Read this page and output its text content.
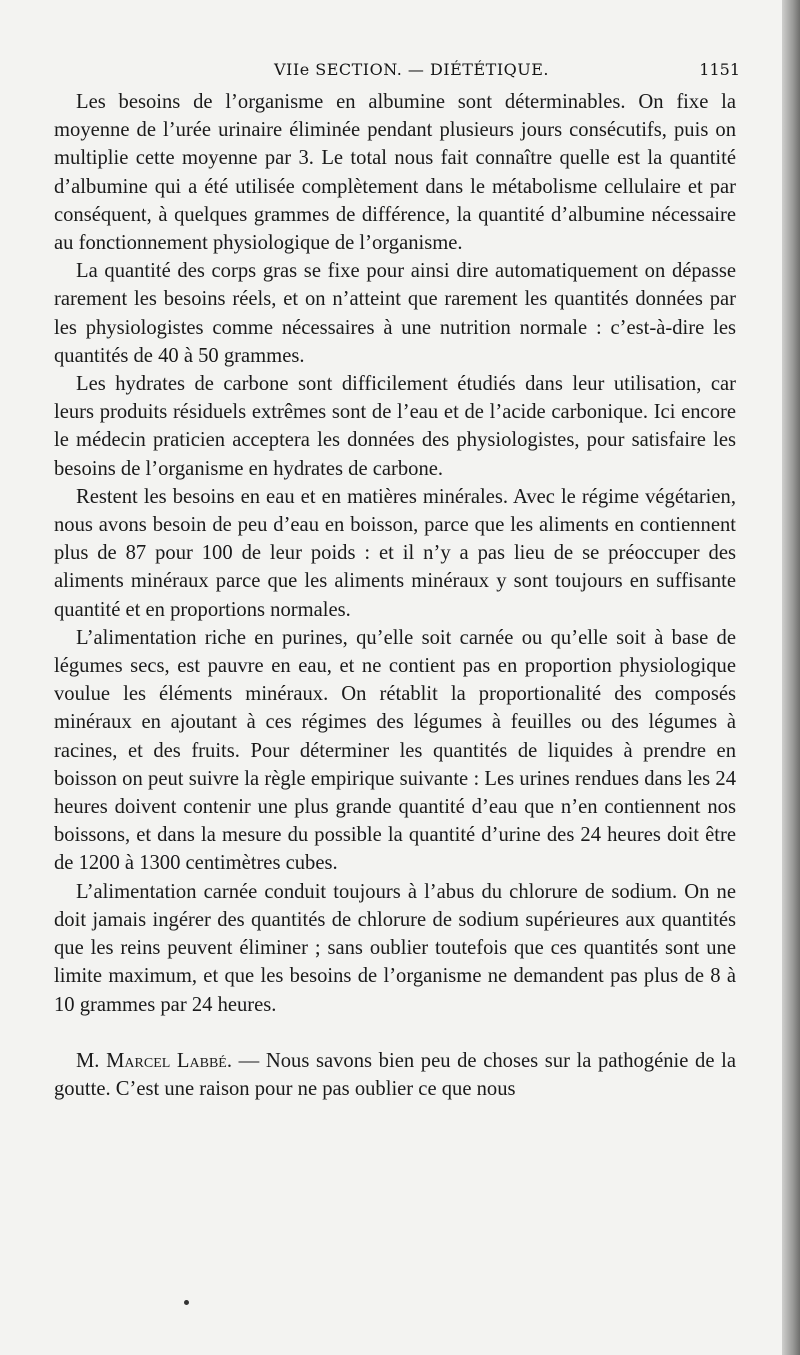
VIIe SECTION. — DIÉTÉTIQUE.	1151

Les besoins de l’organisme en albumine sont déterminables. On fixe la moyenne de l’urée urinaire éliminée pendant plusieurs jours consécutifs, puis on multiplie cette moyenne par 3. Le total nous fait connaître quelle est la quantité d’albumine qui a été utilisée complètement dans le métabolisme cellulaire et par conséquent, à quelques grammes de différence, la quantité d’albumine nécessaire au fonctionnement physiologique de l’organisme.

La quantité des corps gras se fixe pour ainsi dire automatiquement on dépasse rarement les besoins réels, et on n’atteint que rarement les quantités données par les physiologistes comme nécessaires à une nutrition normale : c’est-à-dire les quantités de 40 à 50 grammes.

Les hydrates de carbone sont difficilement étudiés dans leur utilisation, car leurs produits résiduels extrêmes sont de l’eau et de l’acide carbonique. Ici encore le médecin praticien acceptera les données des physiologistes, pour satisfaire les besoins de l’organisme en hydrates de carbone.

Restent les besoins en eau et en matières minérales. Avec le régime végétarien, nous avons besoin de peu d’eau en boisson, parce que les aliments en contiennent plus de 87 pour 100 de leur poids : et il n’y a pas lieu de se préoccuper des aliments minéraux parce que les aliments minéraux y sont toujours en suffisante quantité et en proportions normales.

L’alimentation riche en purines, qu’elle soit carnée ou qu’elle soit à base de légumes secs, est pauvre en eau, et ne contient pas en proportion physiologique voulue les éléments minéraux. On rétablit la proportionalité des composés minéraux en ajoutant à ces régimes des légumes à feuilles ou des légumes à racines, et des fruits. Pour déterminer les quantités de liquides à prendre en boisson on peut suivre la règle empirique suivante : Les urines rendues dans les 24 heures doivent contenir une plus grande quantité d’eau que n’en contiennent nos boissons, et dans la mesure du possible la quantité d’urine des 24 heures doit être de 1200 à 1300 centimètres cubes.

L’alimentation carnée conduit toujours à l’abus du chlorure de sodium. On ne doit jamais ingérer des quantités de chlorure de sodium supérieures aux quantités que les reins peuvent éliminer ; sans oublier toutefois que ces quantités sont une limite maximum, et que les besoins de l’organisme ne demandent pas plus de 8 à 10 grammes par 24 heures.

M. Marcel Labbé. — Nous savons bien peu de choses sur la pathogénie de la goutte. C’est une raison pour ne pas oublier ce que nous
